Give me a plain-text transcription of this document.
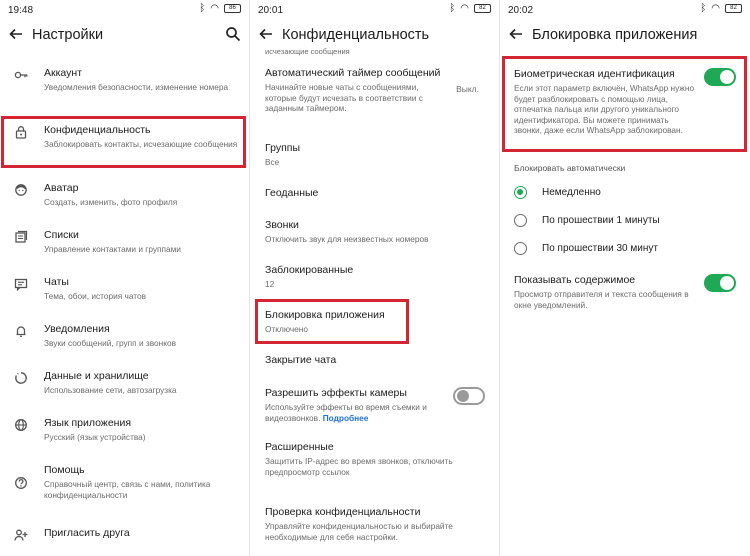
19:48	ᛒ ◠	86
Настройки
Аккаунт
Уведомления безопасности, изменение номера
Конфиденциальность
Заблокировать контакты, исчезающие сообщения
Аватар
Создать, изменить, фото профиля
Списки
Управление контактами и группами
Чаты
Тема, обои, история чатов
Уведомления
Звуки сообщений, групп и звонков
Данные и хранилище
Использование сети, автозагрузка
Язык приложения
Русский (язык устройства)
Помощь
Справочный центр, связь с нами, политика конфиденциальности
Пригласить друга
20:01	ᛒ ◠	82
Конфиденциальность
исчезающие сообщения
Автоматический таймер сообщений
Начинайте новые чаты с сообщениями, которые будут исчезать в соответствии с заданным таймером.
Выкл.
Группы
Все
Геоданные
Звонки
Отключить звук для неизвестных номеров
Заблокированные
12
Блокировка приложения
Отключено
Закрытие чата
Разрешить эффекты камеры
Используйте эффекты во время съемки и видеозвонков. Подробнее
Расширенные
Защитить IP-адрес во время звонков, отключить предпросмотр ссылок
Проверка конфиденциальности
Управляйте конфиденциальностью и выбирайте необходимые для себя настройки.
20:02	ᛒ ◠	82
Блокировка приложения
Биометрическая идентификация
Если этот параметр включён, WhatsApp нужно будет разблокировать с помощью лица, отпечатка пальца или другого уникального идентификатора. Вы можете принимать звонки, даже если WhatsApp заблокирован.
Блокировать автоматически
Немедленно
По прошествии 1 минуты
По прошествии 30 минут
Показывать содержимое
Просмотр отправителя и текста сообщения в окне уведомлений.
